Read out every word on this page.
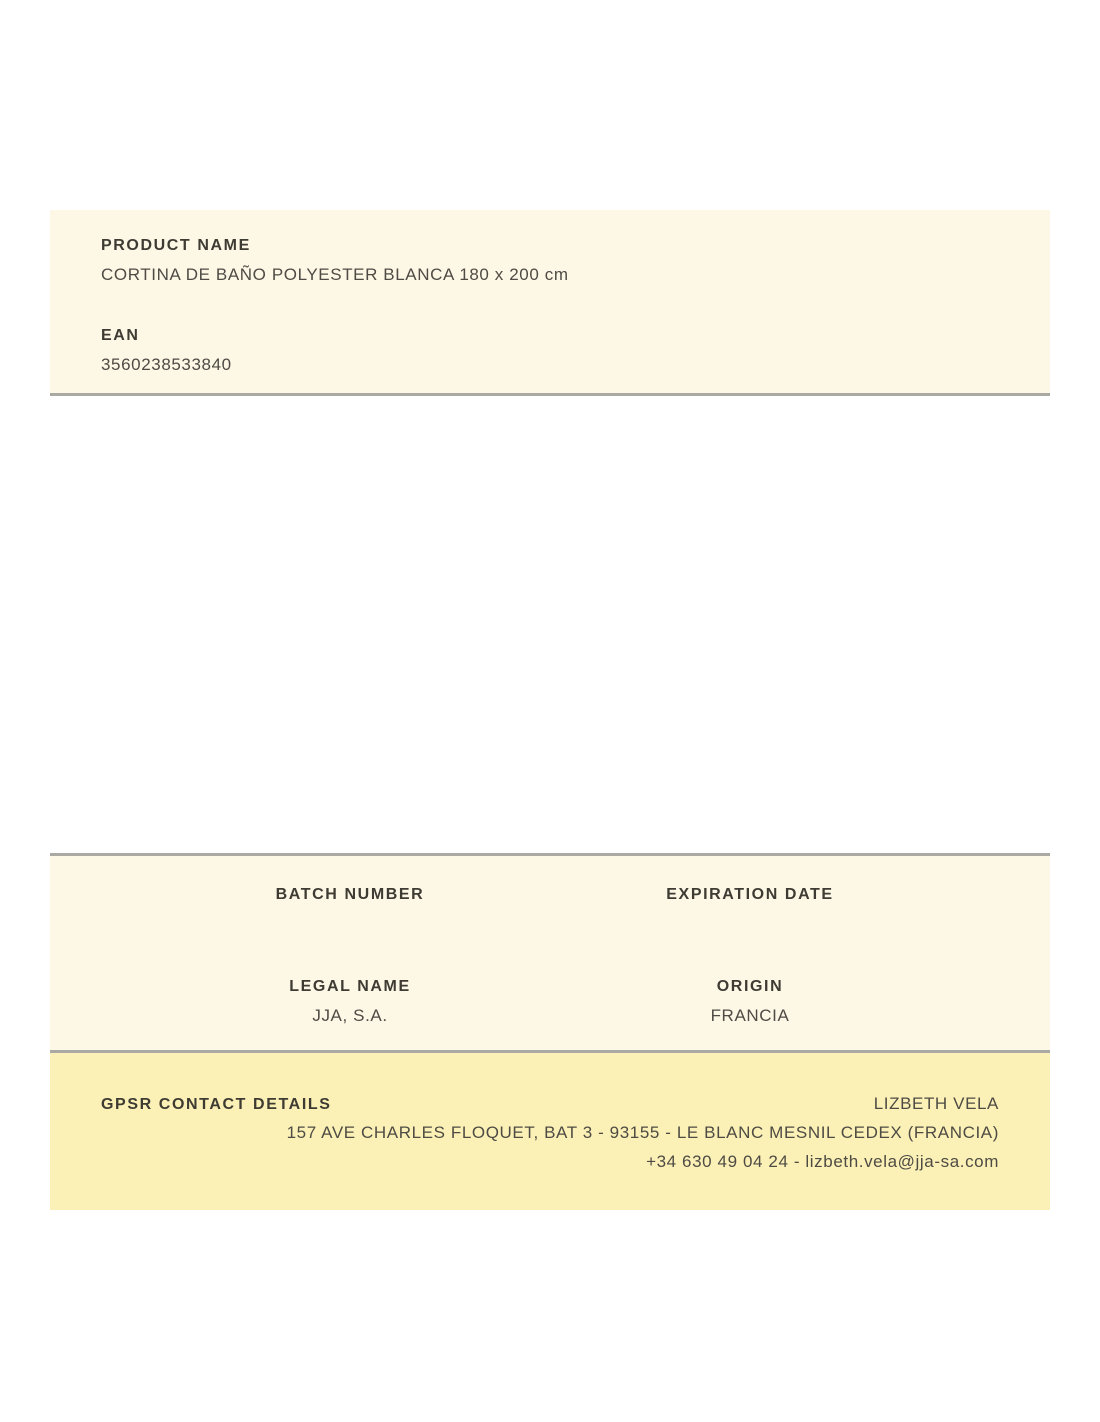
PRODUCT NAME
CORTINA DE BAÑO POLYESTER BLANCA 180 x 200 cm
EAN
3560238533840
BATCH NUMBER	EXPIRATION DATE
LEGAL NAME
JJA, S.A.
ORIGIN
FRANCIA
GPSR CONTACT DETAILS	LIZBETH VELA
157 AVE CHARLES FLOQUET, BAT 3 - 93155 - LE BLANC MESNIL CEDEX (FRANCIA)
+34 630 49 04 24 - lizbeth.vela@jja-sa.com
